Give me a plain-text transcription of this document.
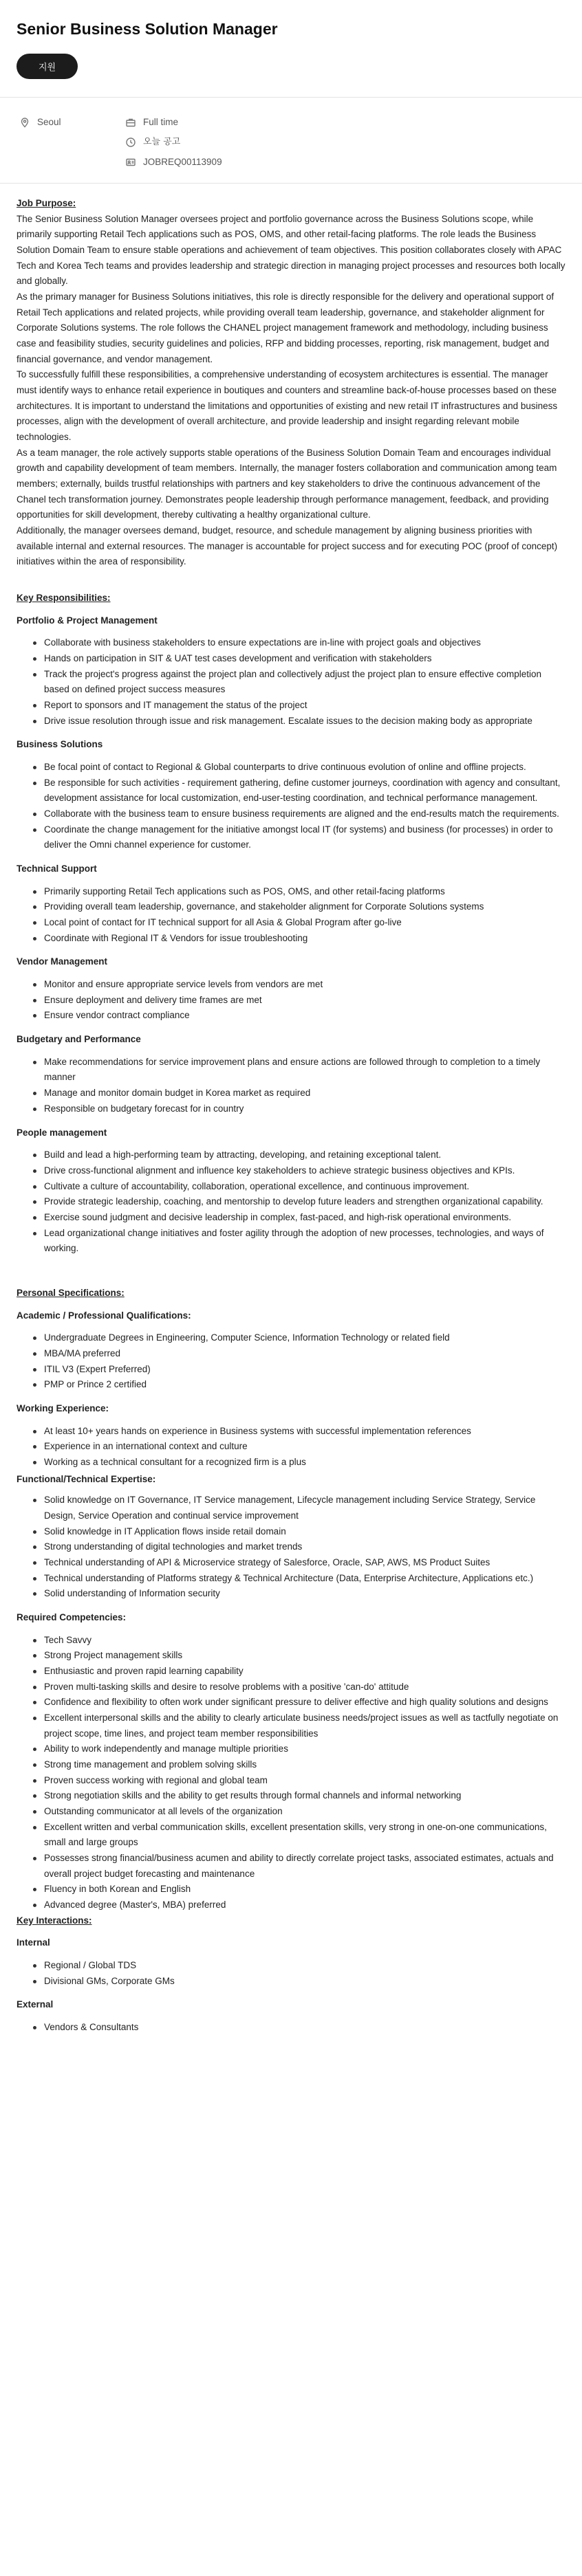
Senior Business Solution Manager
지원
Seoul	Full time
오늘 공고
JOBREQ00113909
Job Purpose:

The Senior Business Solution Manager oversees project and portfolio governance across the Business Solutions scope, while primarily supporting Retail Tech applications such as POS, OMS, and other retail-facing platforms. The role leads the Business Solution Domain Team to ensure stable operations and achievement of team objectives. This position collaborates closely with APAC Tech and Korea Tech teams and provides leadership and strategic direction in managing project processes and resources both locally and globally.

As the primary manager for Business Solutions initiatives, this role is directly responsible for the delivery and operational support of Retail Tech applications and related projects, while providing overall team leadership, governance, and stakeholder alignment for Corporate Solutions systems. The role follows the CHANEL project management framework and methodology, including business case and feasibility studies, security guidelines and policies, RFP and bidding processes, reporting, risk management, budget and financial governance, and vendor management.

To successfully fulfill these responsibilities, a comprehensive understanding of ecosystem architectures is essential. The manager must identify ways to enhance retail experience in boutiques and counters and streamline back-of-house processes based on these architectures. It is important to understand the limitations and opportunities of existing and new retail IT infrastructures and business processes, align with the development of overall architecture, and provide leadership and insight regarding relevant mobile technologies.

As a team manager, the role actively supports stable operations of the Business Solution Domain Team and encourages individual growth and capability development of team members. Internally, the manager fosters collaboration and communication among team members; externally, builds trustful relationships with partners and key stakeholders to drive the continuous advancement of the Chanel tech transformation journey. Demonstrates people leadership through performance management, feedback, and providing opportunities for skill development, thereby cultivating a healthy organizational culture.

Additionally, the manager oversees demand, budget, resource, and schedule management by aligning business priorities with available internal and external resources. The manager is accountable for project success and for executing POC (proof of concept) initiatives within the area of responsibility.

Key Responsibilities:
Portfolio & Project Management
Collaborate with business stakeholders to ensure expectations are in-line with project goals and objectives
Hands on participation in SIT & UAT test cases development and verification with stakeholders
Track the project's progress against the project plan and collectively adjust the project plan to ensure effective completion based on defined project success measures
Report to sponsors and IT management the status of the project
Drive issue resolution through issue and risk management. Escalate issues to the decision making body as appropriate
Business Solutions
Be focal point of contact to Regional & Global counterparts to drive continuous evolution of online and offline projects.
Be responsible for such activities - requirement gathering, define customer journeys, coordination with agency and consultant, development assistance for local customization, end-user-testing coordination, and technical performance management.
Collaborate with the business team to ensure business requirements are aligned and the end-results match the requirements.
Coordinate the change management for the initiative amongst local IT (for systems) and business (for processes) in order to deliver the Omni channel experience for customer.
Technical Support
Primarily supporting Retail Tech applications such as POS, OMS, and other retail-facing platforms
Providing overall team leadership, governance, and stakeholder alignment for Corporate Solutions systems
Local point of contact for IT technical support for all Asia & Global Program after go-live
Coordinate with Regional IT & Vendors for issue troubleshooting
Vendor Management
Monitor and ensure appropriate service levels from vendors are met
Ensure deployment and delivery time frames are met
Ensure vendor contract compliance
Budgetary and Performance
Make recommendations for service improvement plans and ensure actions are followed through to completion to a timely manner
Manage and monitor domain budget in Korea market as required
Responsible on budgetary forecast for in country
People management
Build and lead a high-performing team by attracting, developing, and retaining exceptional talent.
Drive cross-functional alignment and influence key stakeholders to achieve strategic business objectives and KPIs.
Cultivate a culture of accountability, collaboration, operational excellence, and continuous improvement.
Provide strategic leadership, coaching, and mentorship to develop future leaders and strengthen organizational capability.
Exercise sound judgment and decisive leadership in complex, fast-paced, and high-risk operational environments.
Lead organizational change initiatives and foster agility through the adoption of new processes, technologies, and ways of working.
Personal Specifications:
Academic / Professional Qualifications:
Undergraduate Degrees in Engineering, Computer Science, Information Technology or related field
MBA/MA preferred
ITIL V3 (Expert Preferred)
PMP or Prince 2 certified
Working Experience:
At least 10+ years hands on experience in Business systems with successful implementation references
Experience in an international context and culture
Working as a technical consultant for a recognized firm is a plus
Functional/Technical Expertise:
Solid knowledge on IT Governance, IT Service management, Lifecycle management including Service Strategy, Service Design, Service Operation and continual service improvement
Solid knowledge in IT Application flows inside retail domain
Strong understanding of digital technologies and market trends
Technical understanding of API & Microservice strategy of Salesforce, Oracle, SAP, AWS, MS Product Suites
Technical understanding of Platforms strategy & Technical Architecture (Data, Enterprise Architecture, Applications etc.)
Solid understanding of Information security
Required Competencies:
Tech Savvy
Strong Project management skills
Enthusiastic and proven rapid learning capability
Proven multi-tasking skills and desire to resolve problems with a positive 'can-do' attitude
Confidence and flexibility to often work under significant pressure to deliver effective and high quality solutions and designs
Excellent interpersonal skills and the ability to clearly articulate business needs/project issues as well as tactfully negotiate on project scope, time lines, and project team member responsibilities
Ability to work independently and manage multiple priorities
Strong time management and problem solving skills
Proven success working with regional and global team
Strong negotiation skills and the ability to get results through formal channels and informal networking
Outstanding communicator at all levels of the organization
Excellent written and verbal communication skills, excellent presentation skills, very strong in one-on-one communications, small and large groups
Possesses strong financial/business acumen and ability to directly correlate project tasks, associated estimates, actuals and overall project budget forecasting and maintenance
Fluency in both Korean and English
Advanced degree (Master's, MBA) preferred
Key Interactions:
Internal
Regional / Global TDS
Divisional GMs, Corporate GMs
External
Vendors & Consultants
